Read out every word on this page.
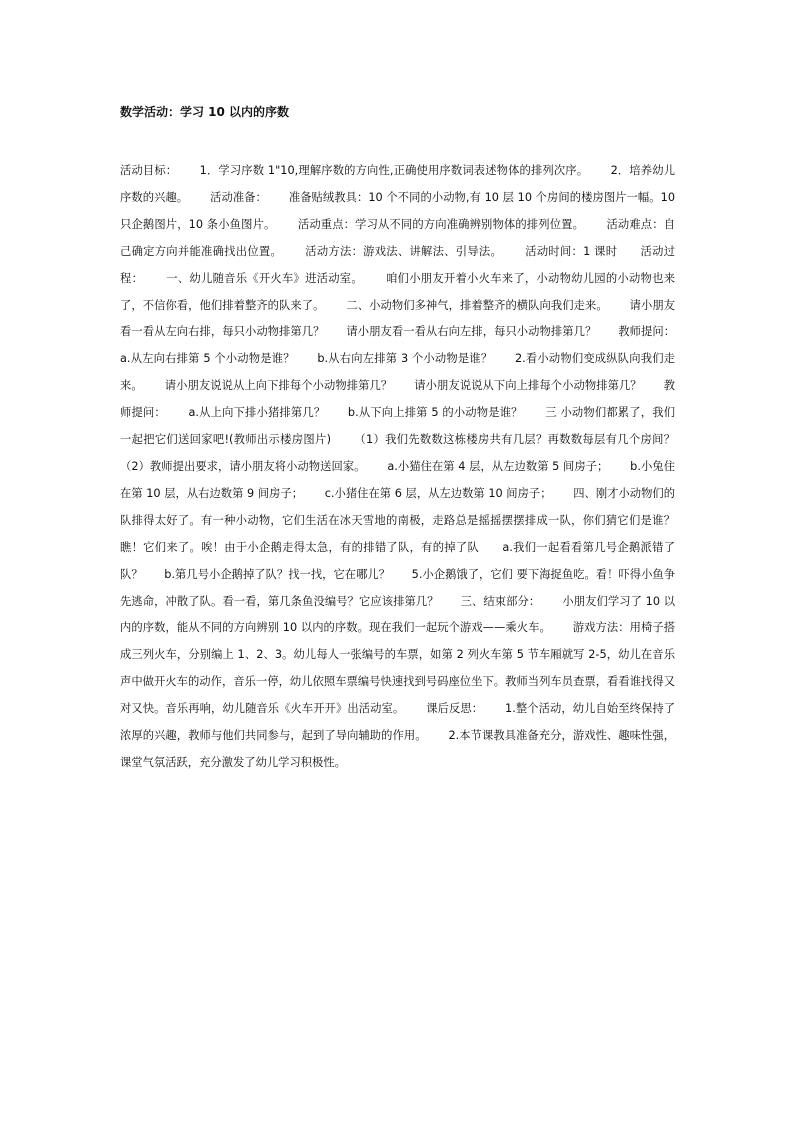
数学活动：学习 10 以内的序数

活动目标：      1．学习序数 1"10,理解序数的方向性,正确使用序数词表述物体的排列次序。      2．培养幼儿序数的兴趣。      活动准备：      准备贴绒教具：10 个不同的小动物,有 10 层 10 个房间的楼房图片一幅。10 只企鹅图片，10 条小鱼图片。      活动重点：学习从不同的方向准确辨别物体的排列位置。      活动难点：自己确定方向并能准确找出位置。      活动方法：游戏法、讲解法、引导法。      活动时间：1 课时      活动过程：      一、幼儿随音乐《开火车》进活动室。      咱们小朋友开着小火车来了，小动物幼儿园的小动物也来了，不信你看，他们排着整齐的队来了。      二、小动物们多神气，排着整齐的横队向我们走来。      请小朋友看一看从左向右排，每只小动物排第几？      请小朋友看一看从右向左排，每只小动物排第几？      教师提问：      a.从左向右排第 5 个小动物是谁？      b.从右向左排第 3 个小动物是谁？      2.看小动物们变成纵队向我们走来。      请小朋友说说从上向下排每个小动物排第几？      请小朋友说说从下向上排每个小动物排第几？      教师提问：      a.从上向下排小猪排第几？      b.从下向上排第 5 的小动物是谁？      三 小动物们都累了，我们一起把它们送回家吧!(教师出示楼房图片)      （1）我们先数数这栋楼房共有几层？再数数每层有几个房间？      （2）教师提出要求，请小朋友将小动物送回家。      a.小猫住在第 4 层，从左边数第 5 间房子；      b.小兔住在第 10 层，从右边数第 9 间房子；      c.小猪住在第 6 层，从左边数第 10 间房子；      四、刚才小动物们的队排得太好了。有一种小动物，它们生活在冰天雪地的南极，走路总是摇摇摆摆排成一队，你们猜它们是谁？瞧！它们来了。唉！由于小企鹅走得太急，有的排错了队，有的掉了队      a.我们一起看看第几号企鹅派错了队？      b.第几号小企鹅掉了队？找一找，它在哪儿？      5.小企鹅饿了，它们 要下海捉鱼吃。看！吓得小鱼争先逃命，冲散了队。看一看，第几条鱼没编号？它应该排第几？      三、结束部分：      小朋友们学习了 10 以内的序数，能从不同的方向辨别 10 以内的序数。现在我们一起玩个游戏——乘火车。      游戏方法：用椅子搭成三列火车，分别编上 1、2、3。幼儿每人一张编号的车票，如第 2 列火车第 5 节车厢就写 2-5，幼儿在音乐声中做开火车的动作，音乐一停，幼儿依照车票编号快速找到号码座位坐下。教师当列车员查票，看看谁找得又对又快。音乐再响，幼儿随音乐《火车开开》出活动室。      课后反思：      1.整个活动，幼儿自始至终保持了浓厚的兴趣，教师与他们共同参与，起到了导向辅助的作用。      2.本节课教具准备充分，游戏性、趣味性强，课堂气氛活跃，充分激发了幼儿学习积极性。
